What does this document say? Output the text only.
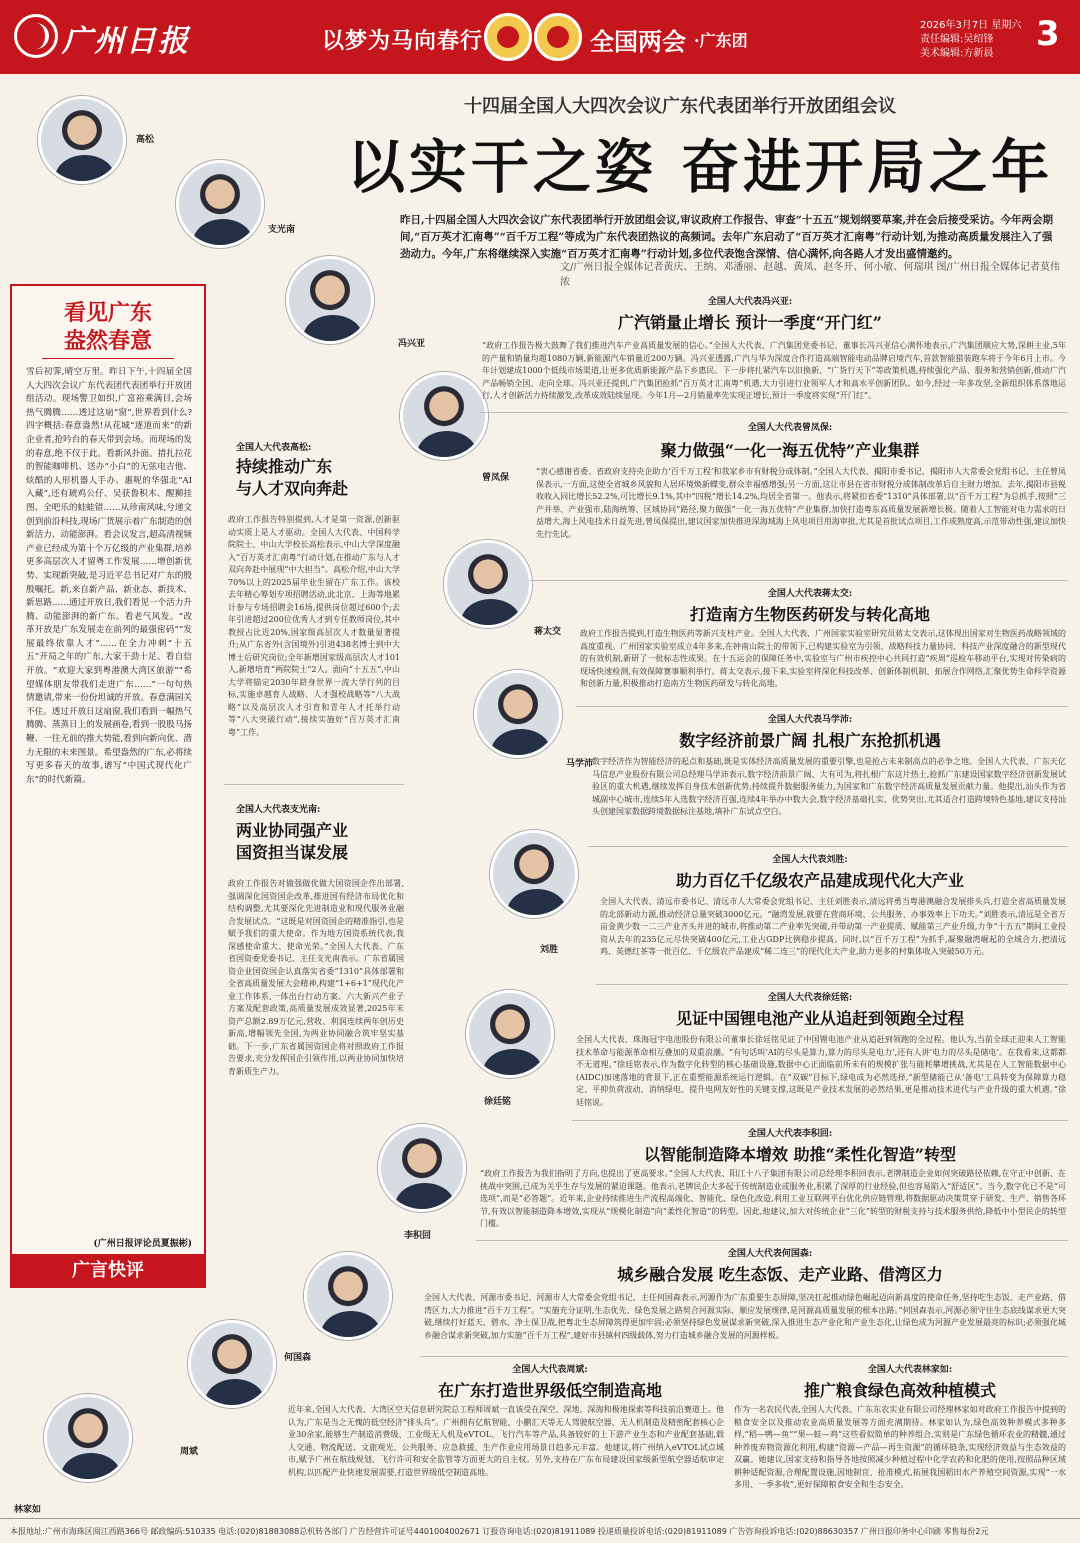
广州日报	以梦为马向春行	全国两会 ·广东团
2026年3月7日 星期六
责任编辑:吴绍锋
美术编辑:方新晨 3
十四届全国人大四次会议广东代表团举行开放团组会议
以实干之姿 奋进开局之年
昨日,十四届全国人大四次会议广东代表团举行开放团组会议,审议政府工作报告、审查“十五五”规划纲要草案,并在会后接受采访。今年两会期间,“百万英才汇南粤”“百千万工程”等成为广东代表团热议的高频词。去年广东启动了“百万英才汇南粤”行动计划,为推动高质量发展注入了强劲动力。今年,广东将继续深入实施“百万英才汇南粤”行动计划,多位代表饱含深情、信心满怀,向各路人才发出盛情邀约。
文/广州日报全媒体记者黄庆、王纳、邓潘丽、赵越、黄凤、赵冬开、何小敏、何瑞琪 图/广州日报全媒体记者莫伟浓
高松
支光南
冯兴亚
曾凤保
蒋太交
马学沛
刘胜
徐廷铭
李积回
何国森
周斌
林家如
看见广东
盎然春意
雪后初霁,晴空万里。昨日下午,十四届全国人大四次会议广东代表团代表团举行开放团组活动。现场警卫如织,广富裕乘满目,会场热气腾腾……透过这扇“窗”,世界看到什么?四字概括:春意盎然!从花城“逐道而来”的新企业者,抢吟台的春天带到会场。而现场的发的春意,绝不仅于此。看新风扑面。措扎拉花的智能咖啡机、送办“小白”的无弦电吉他、炫酷的人形机器人手办、惠呢的华强北“AI入藏”,还有琥鸡公仔、吴获鲁积木、醒狮挂图、全吧乐的蛙蛙错……从珍南风味,兮递文创到前沿科技,现场广货展示着广东制造的创新活力、动能澎湃。看会议发言,超高清视频产业已经成为第十个万亿级的产业集群,培养更多高层次人才留粤工作发展……增创新优势、实现新突破,是习近平总书记对广东的殷殷嘱托。新,来自新产品、新业态、新技术、新思路……通过开放日,我们看见一个活力升腾、动能澎湃的新广东。看老气风发。“改革开放是广东发展走在前列的最强密码”“发展最终依靠人才”……在全力冲刺“十五五”开局之年的广东,大家干劲十足。看自信开放。“欢迎大家到粤港澳大湾区旅游”“希望媒体朋友带我们走进广东……”一句句热情邀请,带来一份份坦诚的开放。春意满园关不住。透过开放日这扇窗,我们看到一幅热气腾腾、蒸蒸日上的发展画卷,看到一股股马扬鞭、一往无前的推大势能,看到向新向优、潜力无限的未来图景。希望盎然的广东,必将续写更多春天的故事,谱写“中国式现代化广东”的时代新篇。
(广州日报评论员夏振彬)
广言快评
全国人大代表冯兴亚:
广汽销量止增长 预计一季度“开门红”
“政府工作报告极大鼓舞了我们推进汽车产业高质量发展的信心。”全国人大代表、广汽集团党委书记、董事长冯兴亚信心满怀地表示,广汽集团顺应大势,深耕主业,5年的产量和销量均超1080万辆,新能源汽车销量近200万辆。冯兴亚透露,广汽与华为深度合作打造高端智能电动品牌启境汽车,首款智能猎装跑车将于今年6月上市。今年计划建成1000个低线市场渠道,让更多优质新能源产品下乡惠民。下一步将扎紧汽车以旧换新、“广货行天下”等政策机遇,持续强化产品、服务和营销创新,推动广汽产品畅销全国、走向全球。冯兴亚还提到,广汽集团抢抓“百万英才汇南粤”机遇,大力引进行业领军人才和高水平创新团队。如今,经过一年多攻坚,全新组织体系落地运行,人才创新活力持续激发,改革成效陆续显现。今年1月—2月销量率先实现正增长,预计一季度将实现“开门红”。
全国人大代表曾凤保:
聚力做强“一化一海五优特”产业集群
“衷心感谢省委、省政府支持央企助力‘百千万工程’和我家乡市有财税分成体制。”全国人大代表、揭阳市委书记、揭阳市人大常委会党组书记、主任曾凤保表示,一方面,这使全省城乡风貌和人居环境焕新蝶变,群众幸福感增强;另一方面,这让市县在省市财税分成体制改革后自主财力增加。去年,揭阳市县税收收入同比增长52.2%,可比增长9.1%,其中“四税”增长14.2%,均居全省第一。他表示,将紧扣省委“1310”具体部署,以“百千万工程”为总抓手,按照“三产并举、产业强市,陆海统筹、区域协同”路径,聚力做强“一化一海五优特”产业集群,加快打造粤东高质量发展新增长极。随着人工智能对电力需求的日益增大,海上风电技术日益先进,曾凤保提出,建议国家加快推进深海域海上风电项目用海审批,尤其是首批试点项目,工作成熟度高,示范带动性强,建议加快先行先试。
全国人大代表蒋太交:
打造南方生物医药研发与转化高地
政府工作报告提到,打造生物医药等新兴支柱产业。全国人大代表、广州国家实验室研究员蒋太交表示,这体现出国家对生物医药战略领域的高度重视。广州国家实验室成立4年多来,在钟南山院士的带领下,已构建实验室为引领、战略科技力量协同、科技产业深度融合的新型现代的有效机制,新研了一批标志性成果。在十五运会的保障任务中,实验室与广州市疾控中心共同打造“疾周”巡检车移动平台,实现对传染病的现场快速检测,有效保障赛事顺利举行。蒋太交表示,接下来,实验室将深化科技改革、创新体制机制、拓展合作网络,汇聚优势生命科学资源和创新力量,积极推动打造南方生物医药研发与转化高地。
全国人大代表马学沛:
数字经济前景广阔 扎根广东抢抓机遇
数字经济作为智能经济的起点和基础,既是实体经济高质量发展的重要引擎,也是抢占未来制高点的必争之地。全国人大代表、广东天亿马信息产业股份有限公司总经理马学沛表示,数字经济前景广阔、大有可为,将扎根广东这片热土,抢抓广东建设国家数字经济创新发展试验区的重大机遇,继续发挥自身技术创新优势,持续提升数据服务能力,为国家和广东数字经济高质量发展贡献力量。他提出,汕头作为省城副中心城市,连续5年入选数字经济百强,连续4年举办中数大会,数字经济基础扎实、优势突出,尤其适合打造跨境特色基地,建议支持汕头创建国家数据跨境数据标注基地,填补广东试点空白。
全国人大代表刘胜:
助力百亿千亿级农产品建成现代化大产业
全国人大代表、清远市委书记、清远市人大常委会党组书记、主任刘胜表示,清远将勇当粤港澳融合发展排头兵,打造全省高质量发展的北部新动力源,推动经济总量突破3000亿元。“融湾发展,就要在营商环境、公共服务、办事效率上下功夫。”刘胜表示,清远是全省万亩金黄少数一二三产业齐头并进的城市,将推动第二产业率先突破,并带动第一产业提质、赋能第三产业升级,力争“十五五”期间工业投资从去年的235亿元尽快突破400亿元,工业占GDP比例稳步提高。同时,以“百千万工程”为抓手,凝聚融湾崛起的全域合力,把清远鸡、英德红茶等一批百亿、千亿级农产品建成“稀二连三”的现代化大产业,助力更多的村集体收入突破50万元。
全国人大代表徐廷铭:
见证中国锂电池产业从追赶到领跑全过程
全国人大代表、珠海冠宇电池股份有限公司董事长徐廷铭见证了中国锂电池产业从追赶到领跑的全过程。他认为,当前全球正迎来人工智能技术革命与能源革命相互叠加的双重浪潮。“有句话叫‘AI的尽头是算力,算力的尽头是电力’,还有人讲‘电力的尽头是储电’。在我看来,这都都不无道理。”徐廷铭表示,作为数字化转型的核心基础设施,数据中心正面临前所未有的规模扩张与能耗攀增挑战,尤其是在人工智能数据中心(AIDC)加速落地的背景下,正在重塑能源系统运行逻辑。在“双碳”目标下,绿电成为必然选择,“新型储能已从‘备电’工具转变为保障算力稳定、平抑负荷波动、消纳绿电、提升电网友好性的关键支撑,这既是产业技术发展的必然结果,更是推动技术进代与产业升级的重大机遇。”徐廷铭说。
全国人大代表李积回:
以智能制造降本增效 助推“柔性化智造”转型
“政府工作报告为我们指明了方向,也提出了更高要求。”全国人大代表、阳江十八子集团有限公司总经理李积回表示,老牌制造企业如何突破路径依赖,在守正中创新、在挑战中突围,已成为关乎生存与发展的紧迫课题。他表示,老牌民企大多起于传统制造业或服务业,积累了深厚的行业经验,但也容易陷入“舒适区”。当今,数字化已不是“可选项”,而是“必答题”。近年来,企业持续推进生产流程高端化、智能化、绿色化改造,利用工业互联网平台优化供应链管理,将数据驱动决策贯穿于研发、生产、销售各环节,有效以智能制造降本增效,实现从“规模化制造”向“柔性化智造”的转型。因此,他建议,加大对传统企业“三化”转型的财税支持与技术服务供给,降低中小型民企的转型门槛。
全国人大代表何国森:
城乡融合发展 吃生态饭、走产业路、借湾区力
全国人大代表、河源市委书记、河源市人大常委会党组书记、主任何国森表示,河源作为广东重要生态屏障,坚决扛起推动绿色崛起迈向新高度的使命任务,坚持吃生态饭、走产业路、借湾区力,大力推进“百千万工程”。“实施充分证明,生态优先、绿色发展之路契合河源实际、顺应发展规律,是河源高质量发展的根本出路。”何国森表示,河源必须守住生态底线谋求更大突破,继续打好蓝天、碧水、净土保卫战,把粤北生态屏障筑得更加牢固;必须坚持绿色发展谋求新突破,深入推进生态产业化和产业生态化,让绿色成为河源产业发展最亮的标识;必须强化城乡融合谋求新突破,加力实施“百千万工程”,建好市县镇村四级载体,努力打造城乡融合发展的河源样板。
全国人大代表周斌:
在广东打造世界级低空制造高地
近年来,全国人大代表、大湾区空天信息研究院总工程师周斌一直该受在深空、深地、深海和极地探索等科技前沿赛道上。他认为,广东是当之无愧的低空经济“排头兵”。广州拥有亿航智能、小鹏汇天等无人驾驶航空器、无人机制造及精密配套核心企业30余家,能够生产制造消费级、工业级无人机及eVTOL、飞行汽车等产品,具备较好的上下游产业生态和产业配套基础,载人交通、物流配送、文旅观光、公共服务、应急救援、生产作业应用场景日趋多元丰富。他建议,将广州纳入eVTOL试点城市,赋予广州在航线规划、飞行许可和安全监管等方面更大的自主权。另外,支持在广东布局建设国家级新型航空器适航审定机构,以匹配产业快速发展需要,打造世界级低空制造高地。
全国人大代表林家如:
推广粮食绿色高效种植模式
作为一名农民代表,全国人大代表、广东东农实业有限公司经理林家如对政府工作报告中提到的粮食安全以及推动农业高质量发展等方面充满期待。林家如认为,绿色高效种养模式多种多样,“稻—鸭—鱼”“果—蛙—鸡”这些看似简单的种养组合,实则是广东绿色循环农业的精髓,通过种养废弃物资源化利用,构建“资源—产品—再生资源”的循环链条,实现经济效益与生态效益的双赢。她建议,国家支持和指导各地按照减少种植过程中化学农药和化肥的使用,按照品种区域耕种适配资源,合理配置设施,因地制宜、抢准模式,拓展我国稻田水产养殖空间资源,实现“一水多用、一季多收”,更好保障粮食安全和生态安全。
全国人大代表高松:
持续推动广东
与人才双向奔赴
政府工作报告特别提到,人才是第一资源,创新驱动实质上是人才驱动。全国人大代表、中国科学院院士、中山大学校长高松表示,中山大学深度融入“百万英才汇南粤”行动计划,在推动广东与人才双向奔赴中展现“中大担当”。高松介绍,中山大学70%以上的2025届毕业生留在广东工作。该校去年精心筹划专项招聘活动,此北京、上海等地累计参与专场招聘会16场,提供岗位超过600个;去年引进超过200位优秀人才到专任教师岗位,其中教授占比近20%,国家级高层次人才数量显著提升;从广东省外(含国境外)引进438名博士到中大博士后研究岗位;全年新增国家级高层次人才101人,新增培育“两院院士”2人。面向“十五五”,中山大学将锚定2030年跻身世界一流大学行列的目标,实施卓越育人战略、人才强校战略等“八大战略”以及高层次人才引育和青年人才托举行动等“八大突破行动”,接续实施好“百万英才汇南粤”工作。
全国人大代表支光南:
两业协同强产业
国资担当谋发展
政府工作报告对做强做优做大国资国企作出部署,强调深化国资国企改革,推进国有经济布局优化和结构调整,尤其要深化先进制造业和现代服务业融合发展试点。“这既是对国资国企的精准指引,也是赋予我们的重大使命。作为地方国资系统代表,我深感使命重大、使命光荣。”全国人大代表、广东省国资委党委书记、主任支光南表示。广东省属国资企业国资国企认真落实省委“1310”具体部署和全省高质量发展大会精神,构建“1+6+1”现代化产业工作体系,一体出台行动方案、六大新兴产业子方案及配套政策,高质量发展成效显著,2025年末资产总额2.89万亿元,营收、利润连续两年创历史新高,增幅领先全国,为两业协同融合筑牢坚实基础。下一步,广东省属国资国企将对照政府工作报告要求,充分发挥国企引领作用,以两业协同加快培育新质生产力。
本报地址:广州市海珠区阅江西路366号 邮政编码:510335 电话:(020)81883088总机转各部门 广告经营许可证号4401004002671 订报咨询电话:(020)81911089 投递质量投诉电话:(020)81911089 广告咨询投诉电话:(020)88630357 广州日报印务中心印刷 零售每份2元
